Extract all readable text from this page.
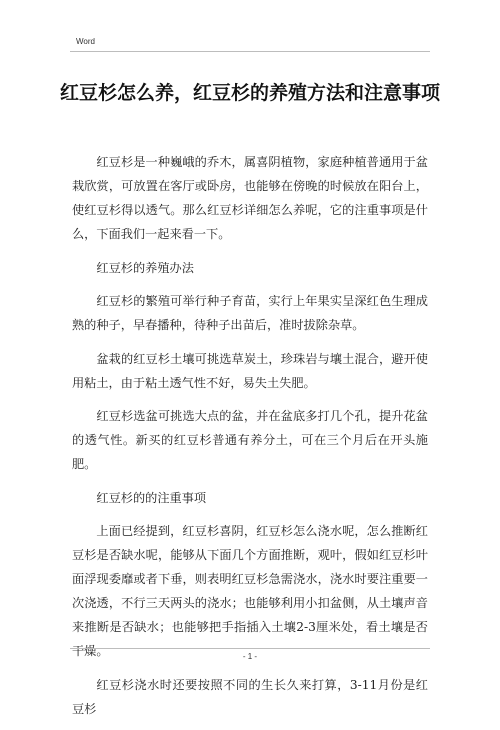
Word
红豆杉怎么养，红豆杉的养殖方法和注意事项

红豆杉是一种巍峨的乔木，属喜阴植物，家庭种植普通用于盆栽欣赏，可放置在客厅或卧房，也能够在傍晚的时候放在阳台上，使红豆杉得以透气。那么红豆杉详细怎么养呢，它的注重事项是什么，下面我们一起来看一下。

红豆杉的养殖办法

红豆杉的繁殖可举行种子育苗，实行上年果实呈深红色生理成熟的种子，早春播种，待种子出苗后，准时拔除杂草。

盆栽的红豆杉土壤可挑选草炭土，珍珠岩与壤土混合，避开使用粘土，由于粘土透气性不好，易失土失肥。

红豆杉选盆可挑选大点的盆，并在盆底多打几个孔，提升花盆的透气性。新买的红豆杉普通有养分土，可在三个月后在开头施肥。

红豆杉的的注重事项

上面已经提到，红豆杉喜阴，红豆杉怎么浇水呢，怎么推断红豆杉是否缺水呢，能够从下面几个方面推断，观叶，假如红豆杉叶面浮现委靡或者下垂，则表明红豆杉急需浇水，浇水时要注重要一次浇透，不行三天两头的浇水；也能够利用小扣盆侧，从土壤声音来推断是否缺水；也能够把手指插入土壤2-3厘米处，看土壤是否干燥。

红豆杉浇水时还要按照不同的生长久来打算，3-11月份是红豆杉

- 1 -
